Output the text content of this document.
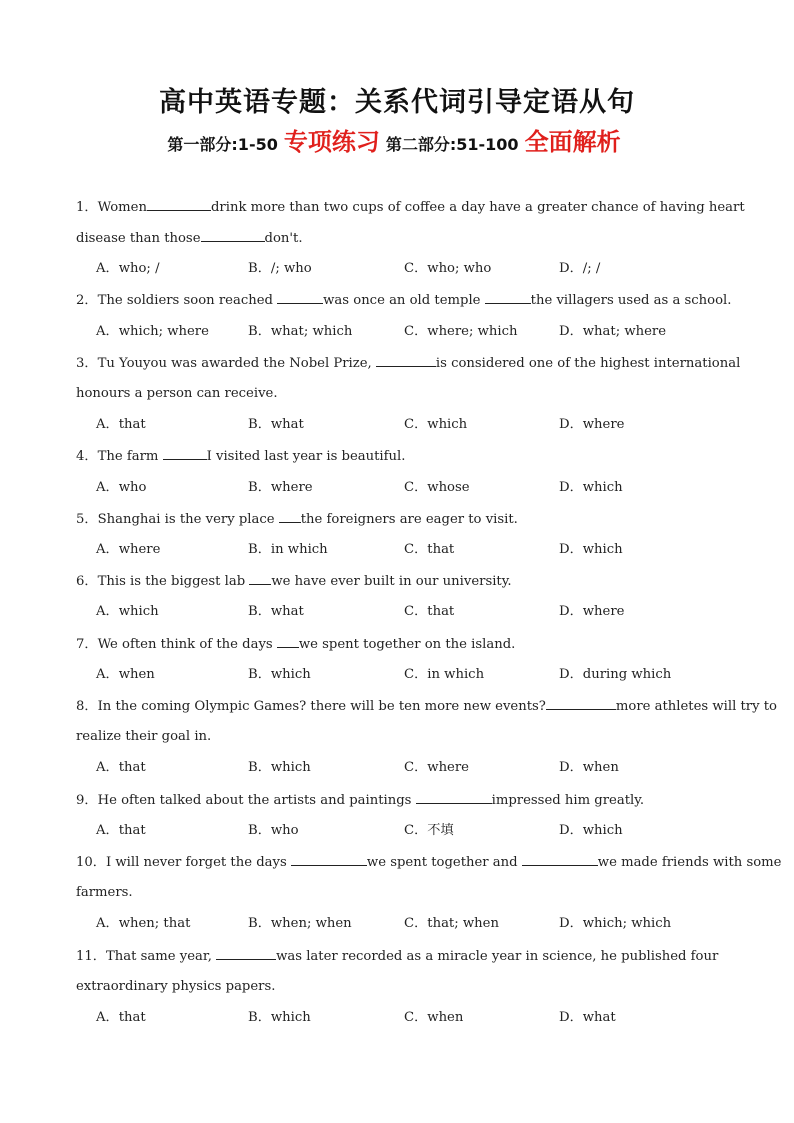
高中英语专题：关系代词引导定语从句
第一部分:1-50 专项练习 第二部分:51-100 全面解析
1．Women	drink more than two cups of coffee a day have a greater chance of having heart
disease than those	don't.
A．who; /	B．/; who	C．who; who	D．/; /
2．The soldiers soon reached	was once an old temple	the villagers used as a school.
A．which; where	B．what; which	C．where; which	D．what; where
3．Tu Youyou was awarded the Nobel Prize,	is considered one of the highest international
honours a person can receive.
A．that	B．what	C．which	D．where
4．The farm	I visited last year is beautiful.
A．who	B．where	C．whose	D．which
5．Shanghai is the very place the foreigners are eager to visit.
A．where	B．in which	C．that	D．which
6．This is the biggest lab we have ever built in our university.
A．which	B．what	C．that	D．where
7．We often think of the days we spent together on the island.
A．when	B．which	C．in which	D．during which
8．In the coming Olympic Games? there will be ten more new events?	more athletes will try to
realize their goal in.
A．that	B．which	C．where	D．when
9．He often talked about the artists and paintings	impressed him greatly.
A．that	B．who	C．不填	D．which
10．I will never forget the days	we spent together and	we made friends with some
farmers.
A．when; that	B．when; when	C．that; when	D．which; which
11．That same year,	was later recorded as a miracle year in science, he published four
extraordinary physics papers.
A．that	B．which	C．when	D．what
